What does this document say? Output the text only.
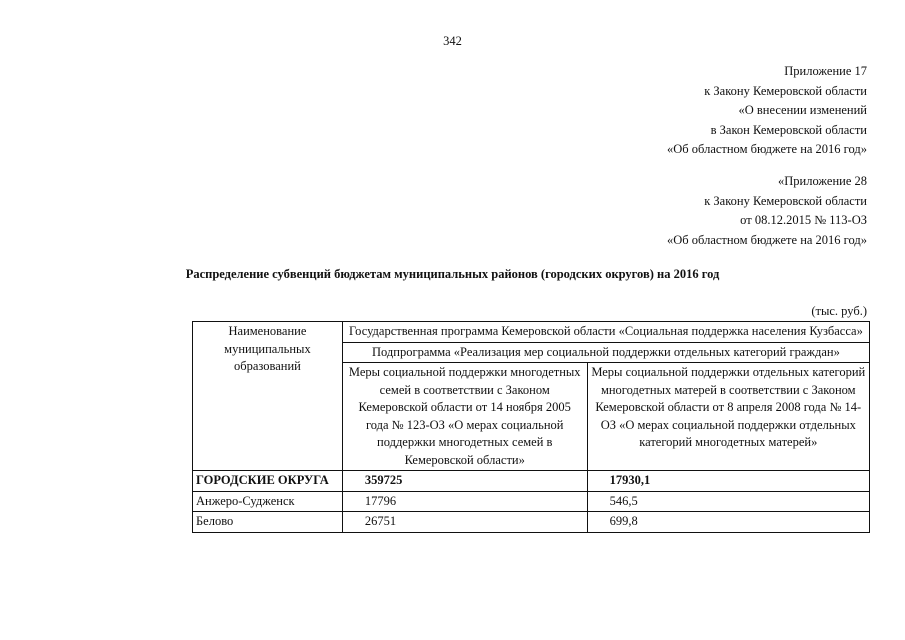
342
Приложение 17
к Закону Кемеровской области
«О внесении изменений
в Закон Кемеровской области
«Об областном бюджете на 2016 год»
«Приложение 28
к Закону Кемеровской области
от 08.12.2015 № 113-ОЗ
«Об областном бюджете на 2016 год»
Распределение субвенций бюджетам муниципальных районов (городских округов) на 2016 год
(тыс. руб.)
Наименование муниципальных образований	Государственная программа Кемеровской области «Социальная поддержка населения Кузбасса»	
	Подпрограмма «Реализация мер социальной поддержки отдельных категорий граждан»	
	Меры социальной поддержки многодетных семей в соответствии с Законом Кемеровской области от 14 ноября 2005 года № 123-ОЗ «О мерах социальной поддержки многодетных семей в Кемеровской области»	Меры социальной поддержки отдельных категорий многодетных матерей в соответствии с Законом Кемеровской области от 8 апреля 2008 года № 14-ОЗ «О мерах социальной поддержки отдельных категорий многодетных матерей»
ГОРОДСКИЕ ОКРУГА	359725	17930,1
Анжеро-Судженск	17796	546,5
Белово	26751	699,8
